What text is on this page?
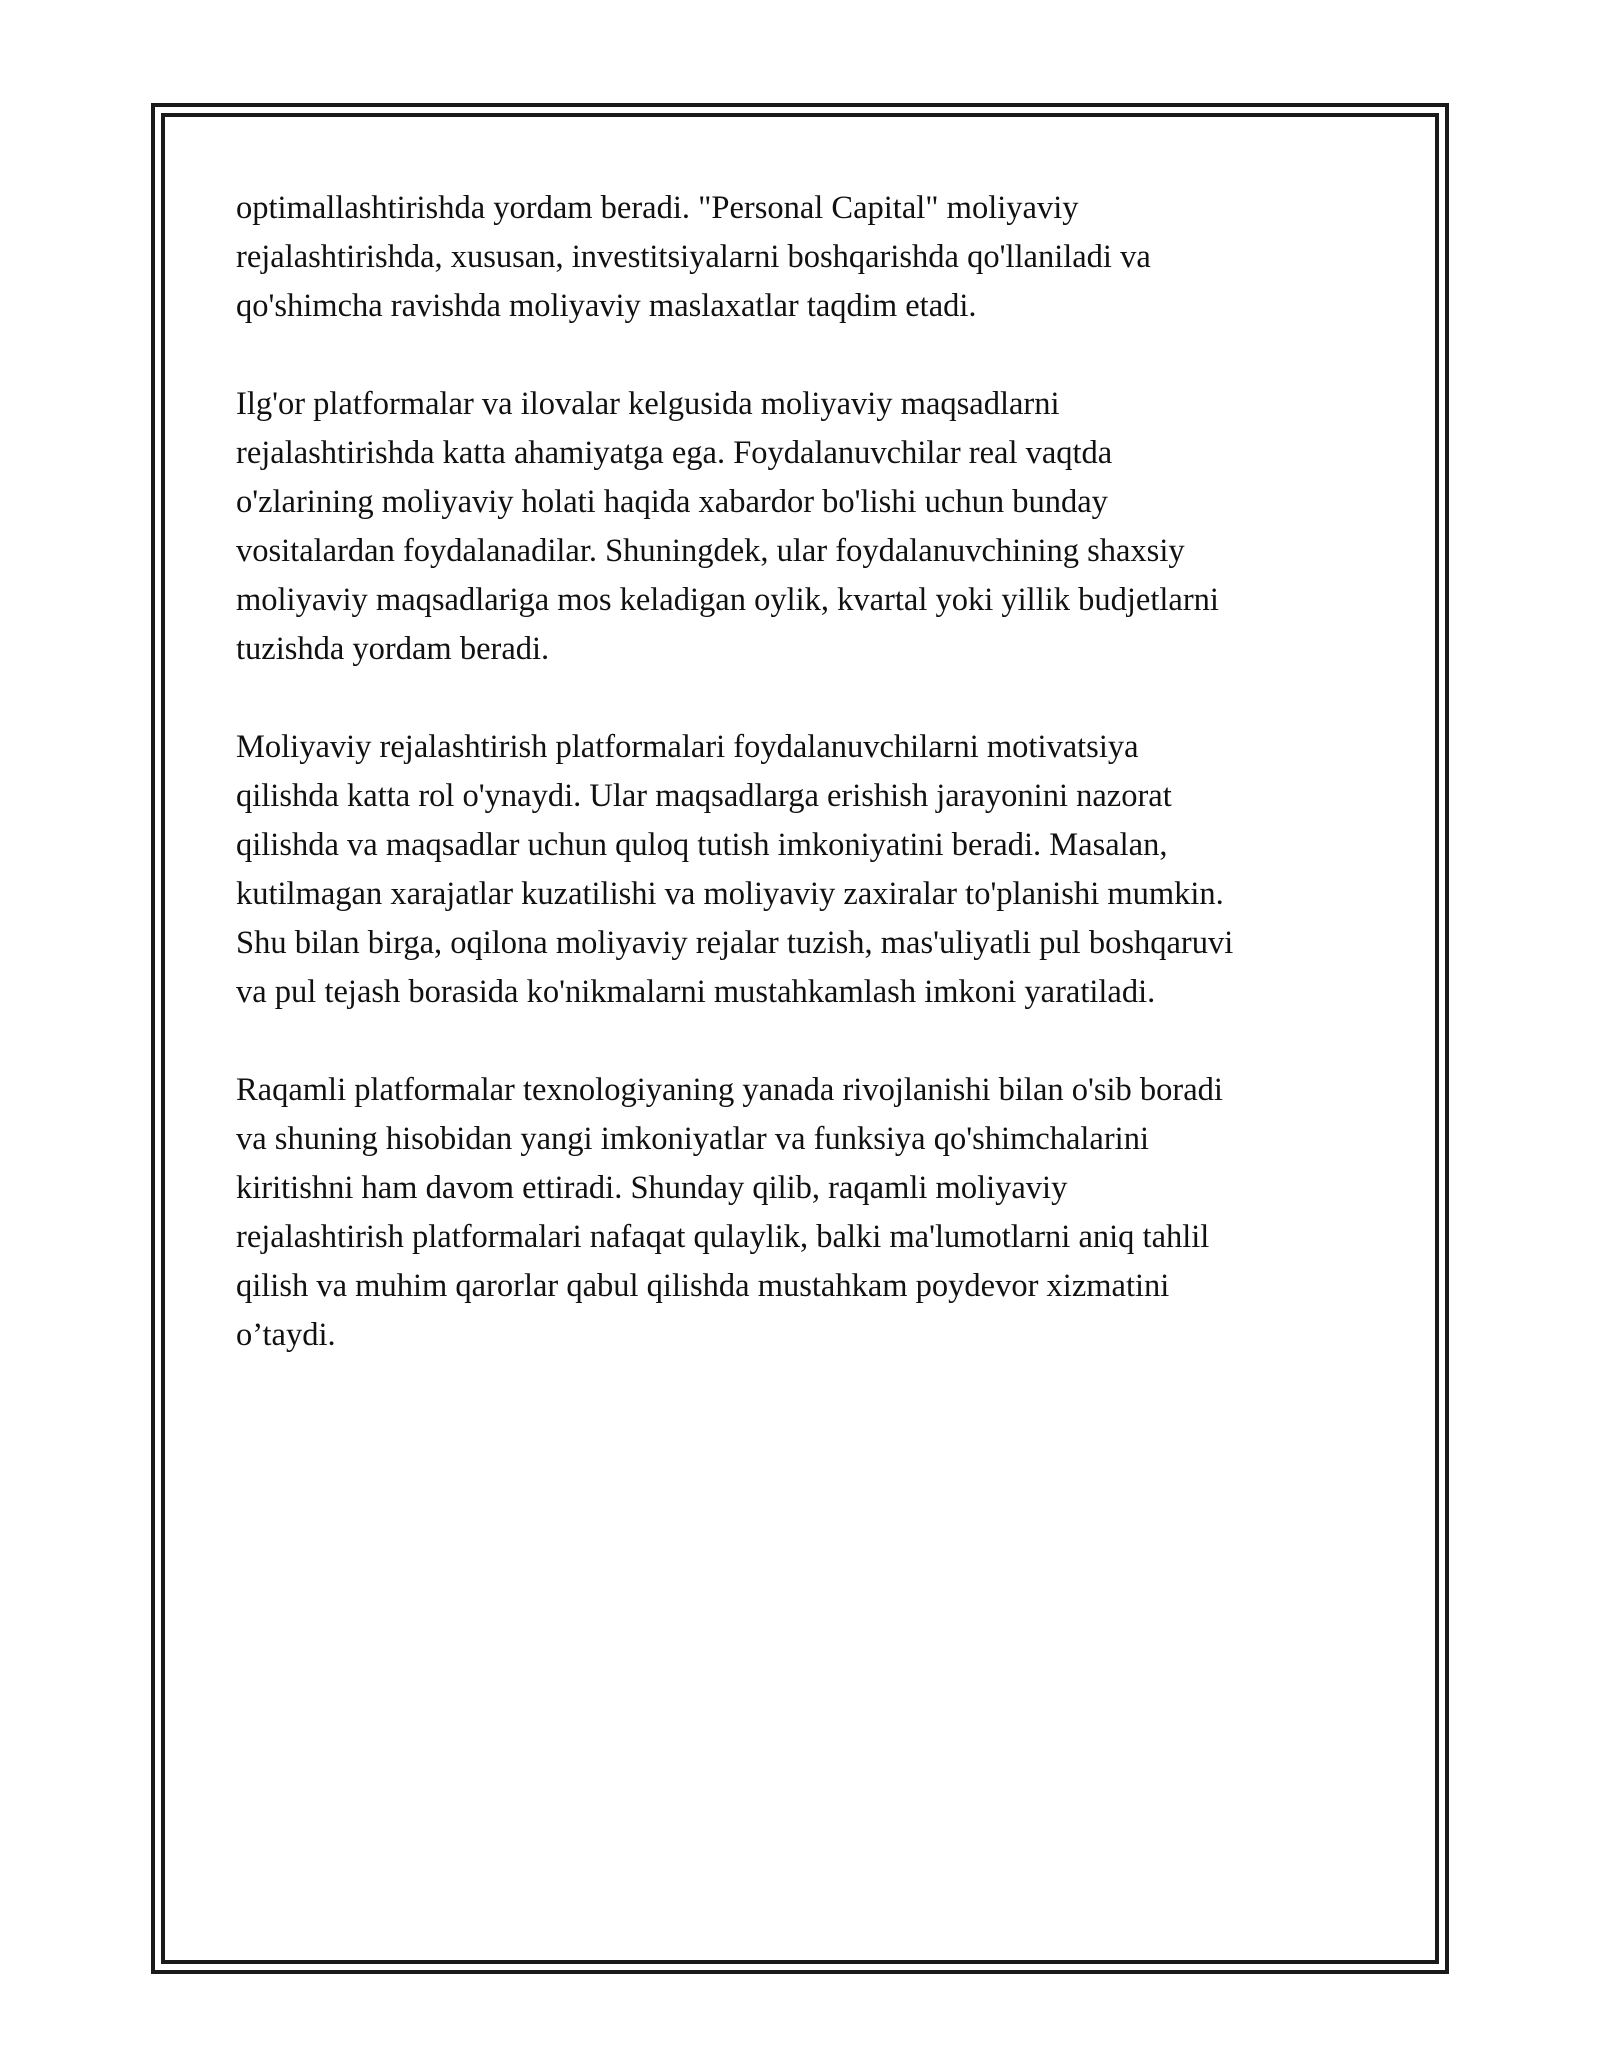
optimallashtirishda yordam beradi. "Personal Capital" moliyaviy
rejalashtirishda, xususan, investitsiyalarni boshqarishda qo'llaniladi va
qo'shimcha ravishda moliyaviy maslaxatlar taqdim etadi.

Ilg'or platformalar va ilovalar kelgusida moliyaviy maqsadlarni
rejalashtirishda katta ahamiyatga ega. Foydalanuvchilar real vaqtda
o'zlarining moliyaviy holati haqida xabardor bo'lishi uchun bunday
vositalardan foydalanadilar. Shuningdek, ular foydalanuvchining shaxsiy
moliyaviy maqsadlariga mos keladigan oylik, kvartal yoki yillik budjetlarni
tuzishda yordam beradi.

Moliyaviy rejalashtirish platformalari foydalanuvchilarni motivatsiya
qilishda katta rol o'ynaydi. Ular maqsadlarga erishish jarayonini nazorat
qilishda va maqsadlar uchun quloq tutish imkoniyatini beradi. Masalan,
kutilmagan xarajatlar kuzatilishi va moliyaviy zaxiralar to'planishi mumkin.
Shu bilan birga, oqilona moliyaviy rejalar tuzish, mas'uliyatli pul boshqaruvi
va pul tejash borasida ko'nikmalarni mustahkamlash imkoni yaratiladi.

Raqamli platformalar texnologiyaning yanada rivojlanishi bilan o'sib boradi
va shuning hisobidan yangi imkoniyatlar va funksiya qo'shimchalarini
kiritishni ham davom ettiradi. Shunday qilib, raqamli moliyaviy
rejalashtirish platformalari nafaqat qulaylik, balki ma'lumotlarni aniq tahlil
qilish va muhim qarorlar qabul qilishda mustahkam poydevor xizmatini
o’taydi.
